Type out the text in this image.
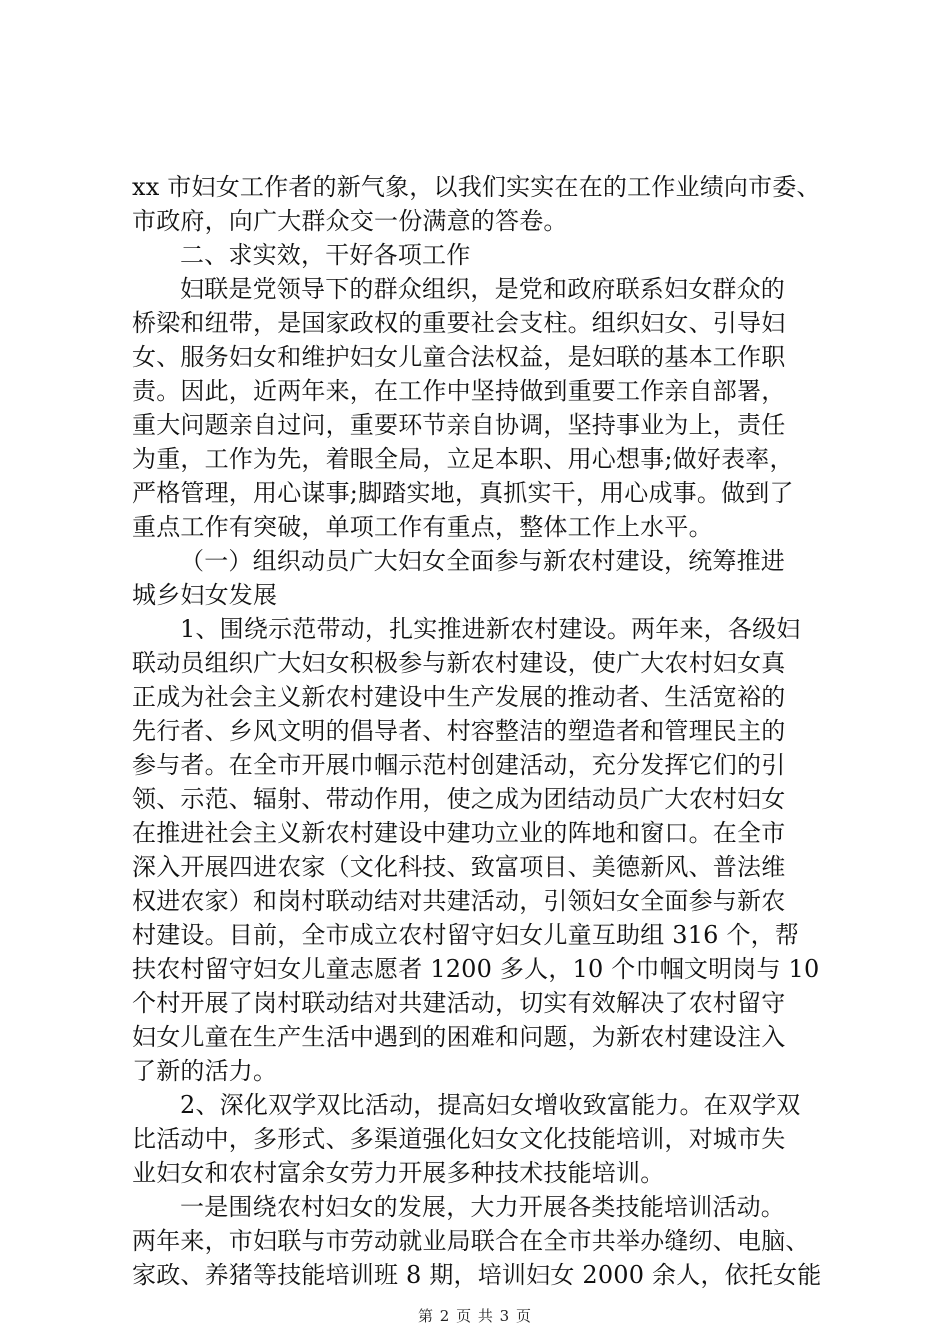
xx 市妇女工作者的新气象，以我们实实在在的工作业绩向市委、
市政府，向广大群众交一份满意的答卷。
二、求实效，干好各项工作
妇联是党领导下的群众组织，是党和政府联系妇女群众的
桥梁和纽带，是国家政权的重要社会支柱。组织妇女、引导妇
女、服务妇女和维护妇女儿童合法权益，是妇联的基本工作职
责。因此，近两年来，在工作中坚持做到重要工作亲自部署，
重大问题亲自过问，重要环节亲自协调，坚持事业为上，责任
为重，工作为先，着眼全局，立足本职、用心想事;做好表率，
严格管理，用心谋事;脚踏实地，真抓实干，用心成事。做到了
重点工作有突破，单项工作有重点，整体工作上水平。
（一）组织动员广大妇女全面参与新农村建设，统筹推进
城乡妇女发展
1、围绕示范带动，扎实推进新农村建设。两年来，各级妇
联动员组织广大妇女积极参与新农村建设，使广大农村妇女真
正成为社会主义新农村建设中生产发展的推动者、生活宽裕的
先行者、乡风文明的倡导者、村容整洁的塑造者和管理民主的
参与者。在全市开展巾帼示范村创建活动，充分发挥它们的引
领、示范、辐射、带动作用，使之成为团结动员广大农村妇女
在推进社会主义新农村建设中建功立业的阵地和窗口。在全市
深入开展四进农家（文化科技、致富项目、美德新风、普法维
权进农家）和岗村联动结对共建活动，引领妇女全面参与新农
村建设。目前，全市成立农村留守妇女儿童互助组 316 个，帮
扶农村留守妇女儿童志愿者 1200 多人，10 个巾帼文明岗与 10
个村开展了岗村联动结对共建活动，切实有效解决了农村留守
妇女儿童在生产生活中遇到的困难和问题，为新农村建设注入
了新的活力。
2、深化双学双比活动，提高妇女增收致富能力。在双学双
比活动中，多形式、多渠道强化妇女文化技能培训，对城市失
业妇女和农村富余女劳力开展多种技术技能培训。
一是围绕农村妇女的发展，大力开展各类技能培训活动。
两年来，市妇联与市劳动就业局联合在全市共举办缝纫、电脑、
家政、养猪等技能培训班 8 期，培训妇女 2000 余人，依托女能
第 2 页 共 3 页
